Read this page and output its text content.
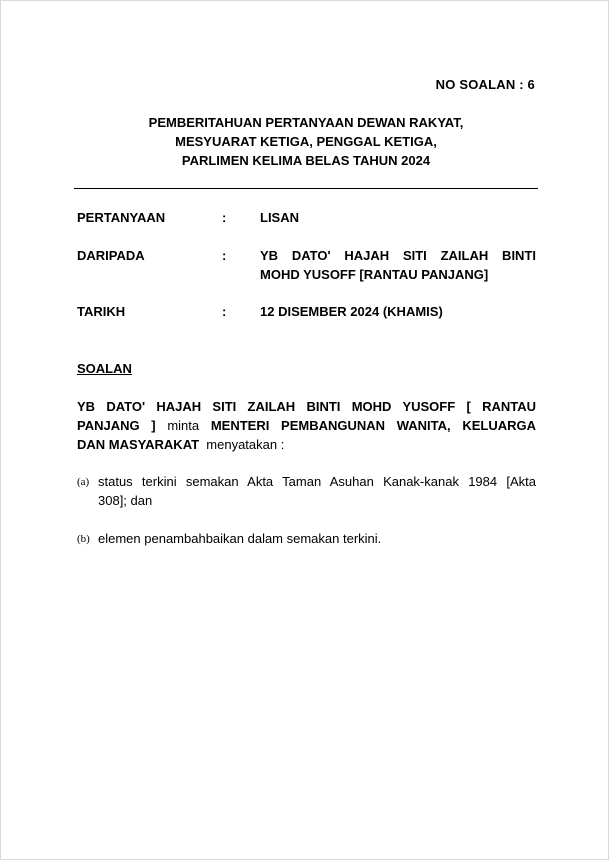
NO SOALAN : 6
PEMBERITAHUAN PERTANYAAN DEWAN RAKYAT,
MESYUARAT KETIGA, PENGGAL KETIGA,
PARLIMEN KELIMA BELAS TAHUN 2024
PERTANYAAN	:	LISAN
DARIPADA	:	YB DATO' HAJAH SITI ZAILAH BINTI
MOHD YUSOFF [RANTAU PANJANG]
TARIKH	:	12 DISEMBER 2024 (KHAMIS)
SOALAN
YB DATO' HAJAH SITI ZAILAH BINTI MOHD YUSOFF [ RANTAU
PANJANG ] minta MENTERI PEMBANGUNAN WANITA, KELUARGA
DAN MASYARAKAT  menyatakan :
(a) status terkini semakan Akta Taman Asuhan Kanak-kanak 1984 [Akta
308]; dan
(b) elemen penambahbaikan dalam semakan terkini.
